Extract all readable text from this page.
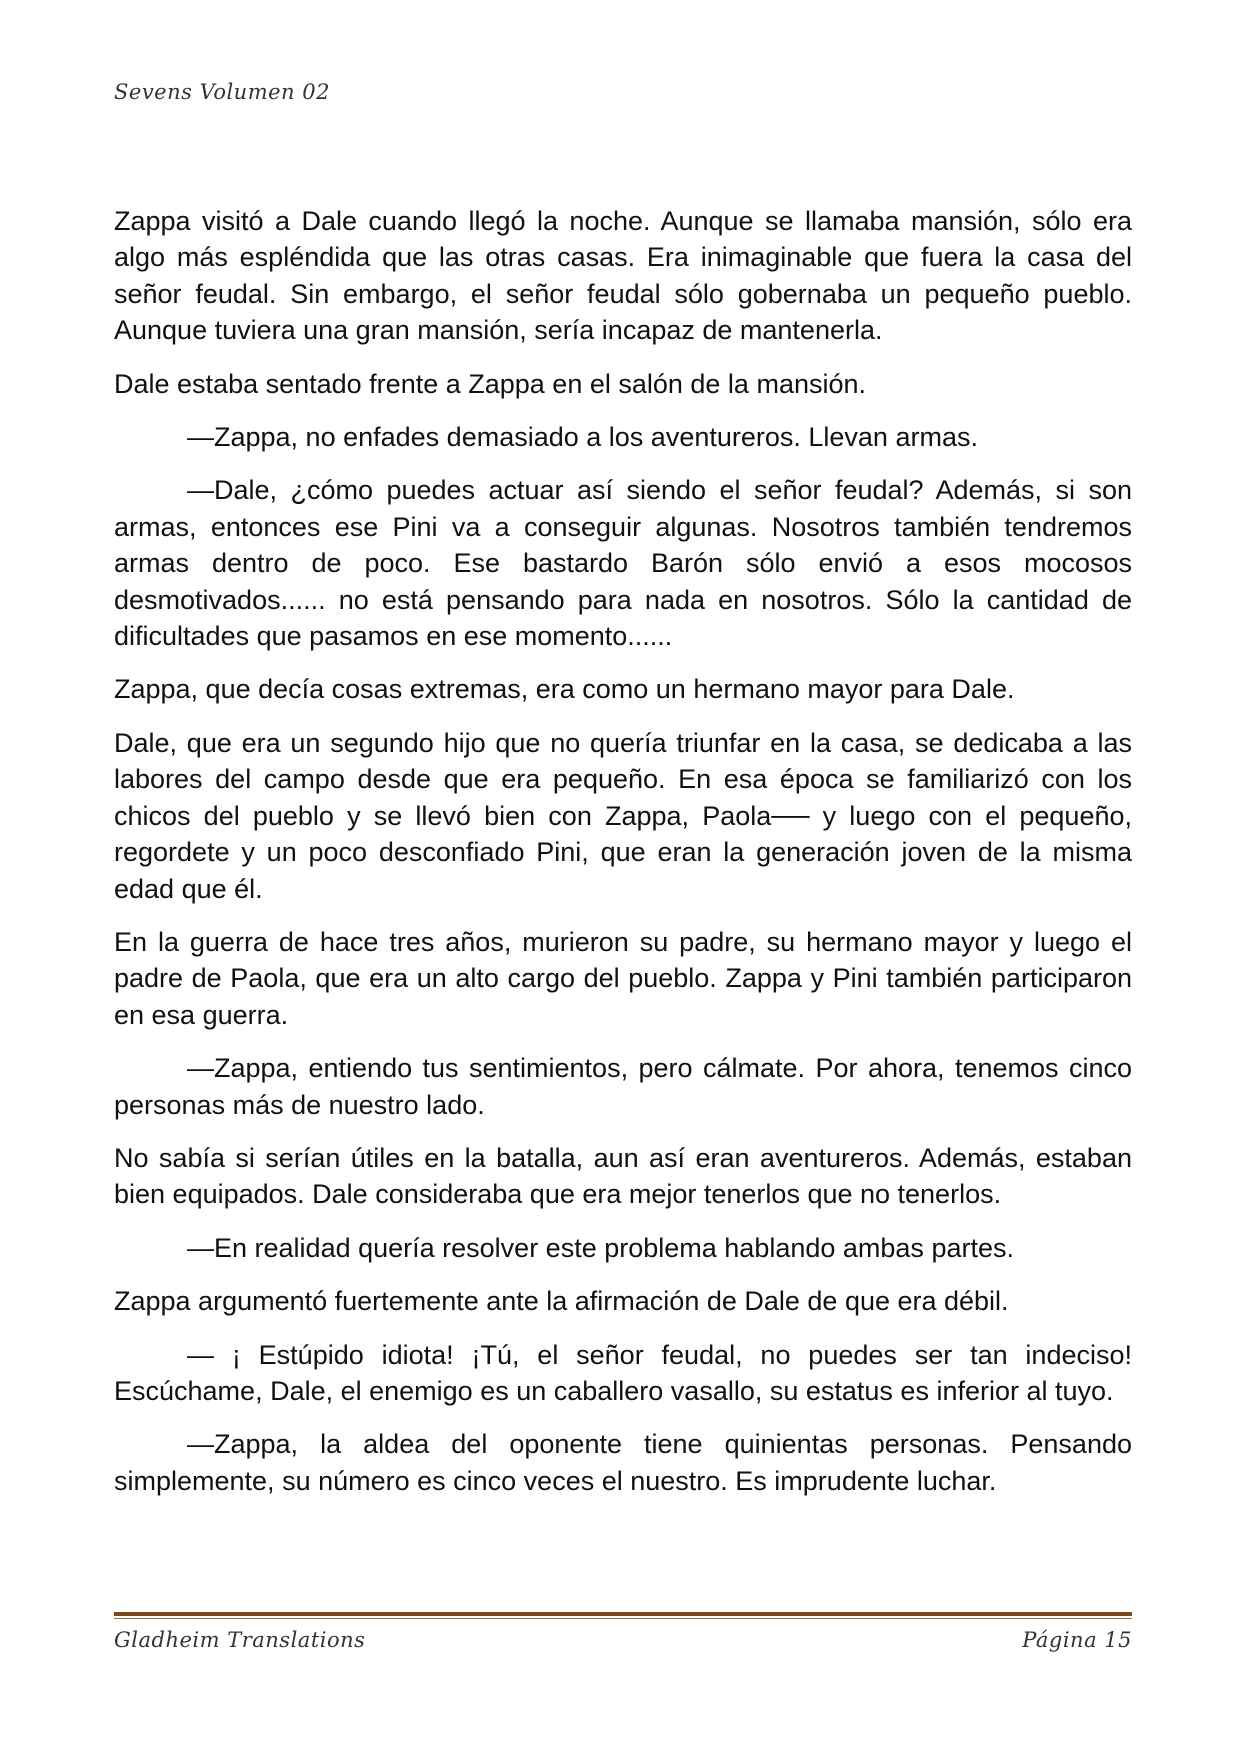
Sevens Volumen 02

Zappa visitó a Dale cuando llegó la noche. Aunque se llamaba mansión, sólo era algo más espléndida que las otras casas. Era inimaginable que fuera la casa del señor feudal. Sin embargo, el señor feudal sólo gobernaba un pequeño pueblo. Aunque tuviera una gran mansión, sería incapaz de mantenerla.

Dale estaba sentado frente a Zappa en el salón de la mansión.

—Zappa, no enfades demasiado a los aventureros. Llevan armas.

—Dale, ¿cómo puedes actuar así siendo el señor feudal? Además, si son armas, entonces ese Pini va a conseguir algunas. Nosotros también tendremos armas dentro de poco. Ese bastardo Barón sólo envió a esos mocosos desmotivados...... no está pensando para nada en nosotros. Sólo la cantidad de dificultades que pasamos en ese momento......

Zappa, que decía cosas extremas, era como un hermano mayor para Dale.

Dale, que era un segundo hijo que no quería triunfar en la casa, se dedicaba a las labores del campo desde que era pequeño. En esa época se familiarizó con los chicos del pueblo y se llevó bien con Zappa, Paola── y luego con el pequeño, regordete y un poco desconfiado Pini, que eran la generación joven de la misma edad que él.

En la guerra de hace tres años, murieron su padre, su hermano mayor y luego el padre de Paola, que era un alto cargo del pueblo. Zappa y Pini también participaron en esa guerra.

—Zappa, entiendo tus sentimientos, pero cálmate. Por ahora, tenemos cinco personas más de nuestro lado.

No sabía si serían útiles en la batalla, aun así eran aventureros. Además, estaban bien equipados. Dale consideraba que era mejor tenerlos que no tenerlos.

—En realidad quería resolver este problema hablando ambas partes.

Zappa argumentó fuertemente ante la afirmación de Dale de que era débil.

— ¡ Estúpido idiota! ¡Tú, el señor feudal, no puedes ser tan indeciso! Escúchame, Dale, el enemigo es un caballero vasallo, su estatus es inferior al tuyo.

—Zappa, la aldea del oponente tiene quinientas personas. Pensando simplemente, su número es cinco veces el nuestro. Es imprudente luchar.

Gladheim Translations	Página 15
